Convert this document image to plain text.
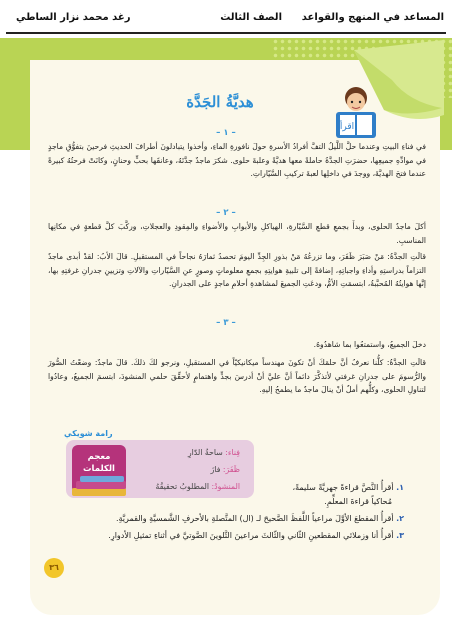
المساعد في المنهج والقواعد
الصف الثالث
رغد محمد نزار الساطي
هديَّةُ الجَدَّة
اقرأ
– ١ –
في فناءِ البيتِ وعندما حلَّ اللَّيلُ التفَّ أفرادُ الأسرةِ حولَ نافورةِ الماءِ، وأخذوا يتبادلونَ أطرافَ الحديثِ فرحينَ بتفوُّقِ ماجدٍ في موادِّهِ جميعِها، حضرَتِ الجدَّةُ حاملةً معها هديَّةً وعلبةَ حلوى. شكرَ ماجدٌ جدَّتَهُ، وعانقَها بحبٍّ وحنانٍ، وكانَتْ فرحتُهُ كبيرةً عندما فتحَ الهديَّةَ، ووجدَ في داخلِها لعبةَ تركيبِ السَّيّاراتِ.
– ٢ –
أكلَ ماجدٌ الحلوى، وبدأَ بجمعِ قطعِ السَّيّارةِ، الهياكلِ والأبوابِ والأضواءِ والمِقودِ والعجلاتِ، وركَّبَ كلَّ قطعةٍ في مكانِها المناسبِ.
قالَتِ الجدَّةُ: مَنْ صَبَرَ ظَفَرَ، وما تزرعُهُ مَنْ بذورِ الجِدِّ اليومَ تحصدُ ثمارَهُ نجاحاً في المستقبلِ. قالَ الأبُ: لقدْ أبدى ماجدٌ التزاماً بدراستِهِ وأداءِ واجباتِهِ، إضافةً إلى تلبيةِ هوايتِهِ بجمعِ معلوماتٍ وصورٍ عنِ السَّيّاراتِ والآلاتِ وتزيينِ جدرانِ غرفتِهِ بها، إنَّها هوايتُهُ المُحبَّبةُ، ابتسمَتِ الأمُّ، ودعَتِ الجميعَ لمشاهدةِ أحلامِ ماجدٍ على الجدرانِ.
– ٣ –
دخلَ الجميعُ، واستمتعُوا بما شاهدُوهُ.
قالَتِ الجدَّةُ: كلُّنا نعرفُ أنَّ حلمَكَ أنْ تكونَ مهندساً ميكانيكيّاً في المستقبلِ، ونرجو لكَ ذلكَ. قالَ ماجدٌ: وضعْتُ الصُّورَ والرُّسومَ على جدرانِ غرفتي لأتذكَّرَ دائماً أنَّ عليَّ أنْ أدرسَ بجدٍّ واهتمامٍ لأحقِّقَ حلمي المنشودَ، ابتسمَ الجميعُ، وعادُوا لتناولِ الحلوى، وكلُّهم أملٌ أنْ ينالَ ماجدٌ ما يطمحُ إليهِ.
رامة شويكي
معجم
الكلمات
فِناء: ساحةُ الدّارِ
ظَفَرَ: فازَ
المنشودُ: المطلوبُ تحقيقُهُ	١. أقرأُ النَّصَّ قراءةً جهريَّةً سليمةً،
مُحاكياً قراءةَ المعلِّمِ.
٢. أقرأُ المقطعَ الأوَّلَ مراعياً اللَّفظَ الصَّحيحَ لـ (ال) المتَّصلةِ بالأحرفِ الشَّمسيَّةِ والقمريَّةِ.
٣. أقرأُ أنا وزملائي المقطعينِ الثّاني والثّالثَ مراعينَ التَّلوينَ الصَّوتيَّ في أثناءِ تمثيلِ الأدوارِ.
٣٦
